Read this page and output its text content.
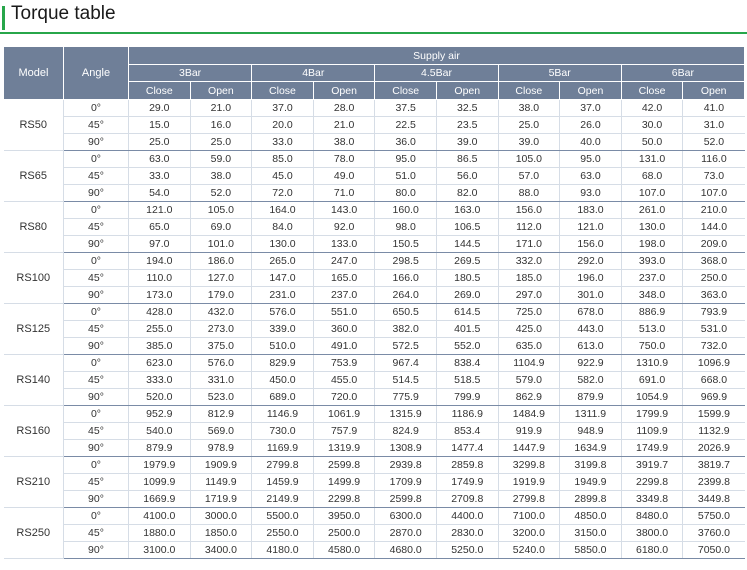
Torque table
Model	Angle	Supply air									
		3Bar		4Bar		4.5Bar		5Bar		6Bar	
		Close	Open	Close	Open	Close	Open	Close	Open	Close	Open
RS50	0°	29.0	21.0	37.0	28.0	37.5	32.5	38.0	37.0	42.0	41.0
	45°	15.0	16.0	20.0	21.0	22.5	23.5	25.0	26.0	30.0	31.0
	90°	25.0	25.0	33.0	38.0	36.0	39.0	39.0	40.0	50.0	52.0
RS65	0°	63.0	59.0	85.0	78.0	95.0	86.5	105.0	95.0	131.0	116.0
	45°	33.0	38.0	45.0	49.0	51.0	56.0	57.0	63.0	68.0	73.0
	90°	54.0	52.0	72.0	71.0	80.0	82.0	88.0	93.0	107.0	107.0
RS80	0°	121.0	105.0	164.0	143.0	160.0	163.0	156.0	183.0	261.0	210.0
	45°	65.0	69.0	84.0	92.0	98.0	106.5	112.0	121.0	130.0	144.0
	90°	97.0	101.0	130.0	133.0	150.5	144.5	171.0	156.0	198.0	209.0
RS100	0°	194.0	186.0	265.0	247.0	298.5	269.5	332.0	292.0	393.0	368.0
	45°	110.0	127.0	147.0	165.0	166.0	180.5	185.0	196.0	237.0	250.0
	90°	173.0	179.0	231.0	237.0	264.0	269.0	297.0	301.0	348.0	363.0
RS125	0°	428.0	432.0	576.0	551.0	650.5	614.5	725.0	678.0	886.9	793.9
	45°	255.0	273.0	339.0	360.0	382.0	401.5	425.0	443.0	513.0	531.0
	90°	385.0	375.0	510.0	491.0	572.5	552.0	635.0	613.0	750.0	732.0
RS140	0°	623.0	576.0	829.9	753.9	967.4	838.4	1104.9	922.9	1310.9	1096.9
	45°	333.0	331.0	450.0	455.0	514.5	518.5	579.0	582.0	691.0	668.0
	90°	520.0	523.0	689.0	720.0	775.9	799.9	862.9	879.9	1054.9	969.9
RS160	0°	952.9	812.9	1146.9	1061.9	1315.9	1186.9	1484.9	1311.9	1799.9	1599.9
	45°	540.0	569.0	730.0	757.9	824.9	853.4	919.9	948.9	1109.9	1132.9
	90°	879.9	978.9	1169.9	1319.9	1308.9	1477.4	1447.9	1634.9	1749.9	2026.9
RS210	0°	1979.9	1909.9	2799.8	2599.8	2939.8	2859.8	3299.8	3199.8	3919.7	3819.7
	45°	1099.9	1149.9	1459.9	1499.9	1709.9	1749.9	1919.9	1949.9	2299.8	2399.8
	90°	1669.9	1719.9	2149.9	2299.8	2599.8	2709.8	2799.8	2899.8	3349.8	3449.8
RS250	0°	4100.0	3000.0	5500.0	3950.0	6300.0	4400.0	7100.0	4850.0	8480.0	5750.0
	45°	1880.0	1850.0	2550.0	2500.0	2870.0	2830.0	3200.0	3150.0	3800.0	3760.0
	90°	3100.0	3400.0	4180.0	4580.0	4680.0	5250.0	5240.0	5850.0	6180.0	7050.0
